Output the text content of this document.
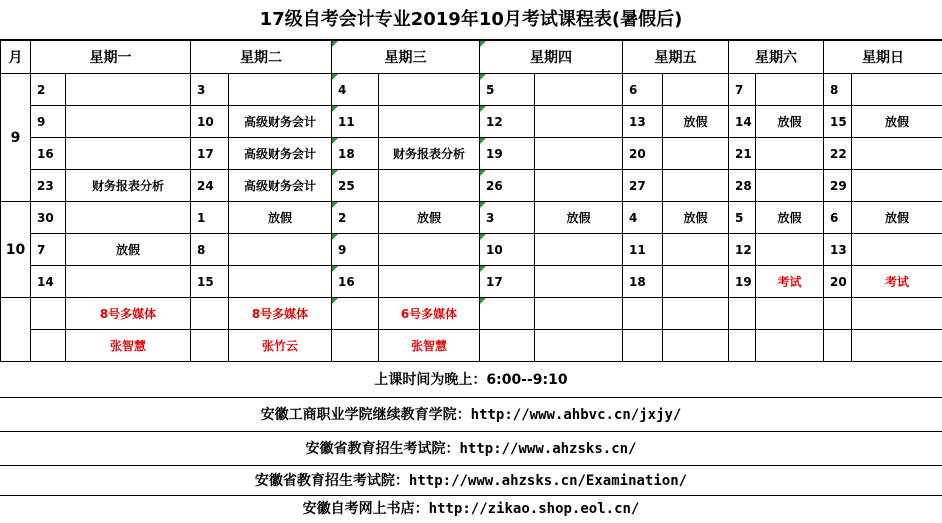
17级自考会计专业2019年10月考试课程表(暑假后)
月	星期一		星期二		星期三		星期四		星期五		星期六		星期日	
9	2		3		4		5		6		7		8	
	9		10	高级财务会计	11		12		13	放假	14	放假	15	放假
	16		17	高级财务会计	18	财务报表分析	19		20		21		22	
	23	财务报表分析	24	高级财务会计	25		26		27		28		29	
10	30		1	放假	2	放假	3	放假	4	放假	5	放假	6	放假
	7	放假	8		9		10		11		12		13	
	14		15		16		17		18		19	考试	20	考试
		8号多媒体		8号多媒体		6号多媒体								
		张智慧		张竹云		张智慧								
上课时间为晚上：6:00--9:10
安徽工商职业学院继续教育学院：http://www.ahbvc.cn/jxjy/
安徽省教育招生考试院：http://www.ahzsks.cn/
安徽省教育招生考试院：http://www.ahzsks.cn/Examination/
安徽自考网上书店：http://zikao.shop.eol.cn/
